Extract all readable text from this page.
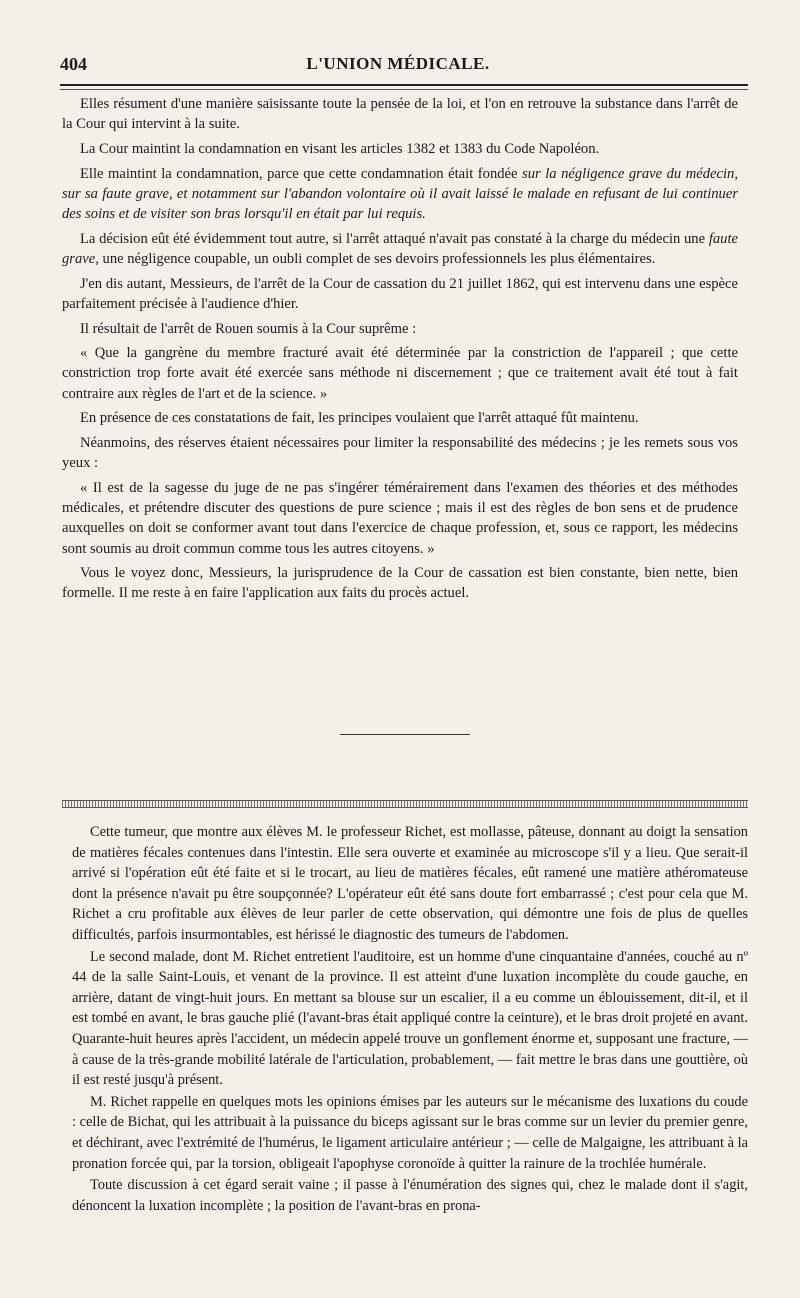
404	L'UNION MÉDICALE.

Elles résument d'une manière saisissante toute la pensée de la loi, et l'on en retrouve la substance dans l'arrêt de la Cour qui intervint à la suite.

La Cour maintint la condamnation en visant les articles 1382 et 1383 du Code Napoléon.

Elle maintint la condamnation, parce que cette condamnation était fondée sur la négligence grave du médecin, sur sa faute grave, et notamment sur l'abandon volontaire où il avait laissé le malade en refusant de lui continuer des soins et de visiter son bras lorsqu'il en était par lui requis.

La décision eût été évidemment tout autre, si l'arrêt attaqué n'avait pas constaté à la charge du médecin une faute grave, une négligence coupable, un oubli complet de ses devoirs professionnels les plus élémentaires.

J'en dis autant, Messieurs, de l'arrêt de la Cour de cassation du 21 juillet 1862, qui est intervenu dans une espèce parfaitement précisée à l'audience d'hier.

Il résultait de l'arrêt de Rouen soumis à la Cour suprême :

« Que la gangrène du membre fracturé avait été déterminée par la constriction de l'appareil ; que cette constriction trop forte avait été exercée sans méthode ni discernement ; que ce traitement avait été tout à fait contraire aux règles de l'art et de la science. »

En présence de ces constatations de fait, les principes voulaient que l'arrêt attaqué fût maintenu.

Néanmoins, des réserves étaient nécessaires pour limiter la responsabilité des médecins ; je les remets sous vos yeux :

« Il est de la sagesse du juge de ne pas s'ingérer témérairement dans l'examen des théories et des méthodes médicales, et prétendre discuter des questions de pure science ; mais il est des règles de bon sens et de prudence auxquelles on doit se conformer avant tout dans l'exercice de chaque profession, et, sous ce rapport, les médecins sont soumis au droit commun comme tous les autres citoyens. »

Vous le voyez donc, Messieurs, la jurisprudence de la Cour de cassation est bien constante, bien nette, bien formelle. Il me reste à en faire l'application aux faits du procès actuel.

Cette tumeur, que montre aux élèves M. le professeur Richet, est mollasse, pâteuse, donnant au doigt la sensation de matières fécales contenues dans l'intestin. Elle sera ouverte et examinée au microscope s'il y a lieu. Que serait-il arrivé si l'opération eût été faite et si le trocart, au lieu de matières fécales, eût ramené une matière athéromateuse dont la présence n'avait pu être soupçonnée? L'opérateur eût été sans doute fort embarrassé ; c'est pour cela que M. Richet a cru profitable aux élèves de leur parler de cette observation, qui démontre une fois de plus de quelles difficultés, parfois insurmontables, est hérissé le diagnostic des tumeurs de l'abdomen.

Le second malade, dont M. Richet entretient l'auditoire, est un homme d'une cinquantaine d'années, couché au nº 44 de la salle Saint-Louis, et venant de la province. Il est atteint d'une luxation incomplète du coude gauche, en arrière, datant de vingt-huit jours. En mettant sa blouse sur un escalier, il a eu comme un éblouissement, dit-il, et il est tombé en avant, le bras gauche plié (l'avant-bras était appliqué contre la ceinture), et le bras droit projeté en avant. Quarante-huit heures après l'accident, un médecin appelé trouve un gonflement énorme et, supposant une fracture, — à cause de la très-grande mobilité latérale de l'articulation, probablement, — fait mettre le bras dans une gouttière, où il est resté jusqu'à présent.

M. Richet rappelle en quelques mots les opinions émises par les auteurs sur le mécanisme des luxations du coude : celle de Bichat, qui les attribuait à la puissance du biceps agissant sur le bras comme sur un levier du premier genre, et déchirant, avec l'extrémité de l'humérus, le ligament articulaire antérieur ; — celle de Malgaigne, les attribuant à la pronation forcée qui, par la torsion, obligeait l'apophyse coronoïde à quitter la rainure de la trochlée humérale.

Toute discussion à cet égard serait vaine ; il passe à l'énumération des signes qui, chez le malade dont il s'agit, dénoncent la luxation incomplète ; la position de l'avant-bras en prona-
